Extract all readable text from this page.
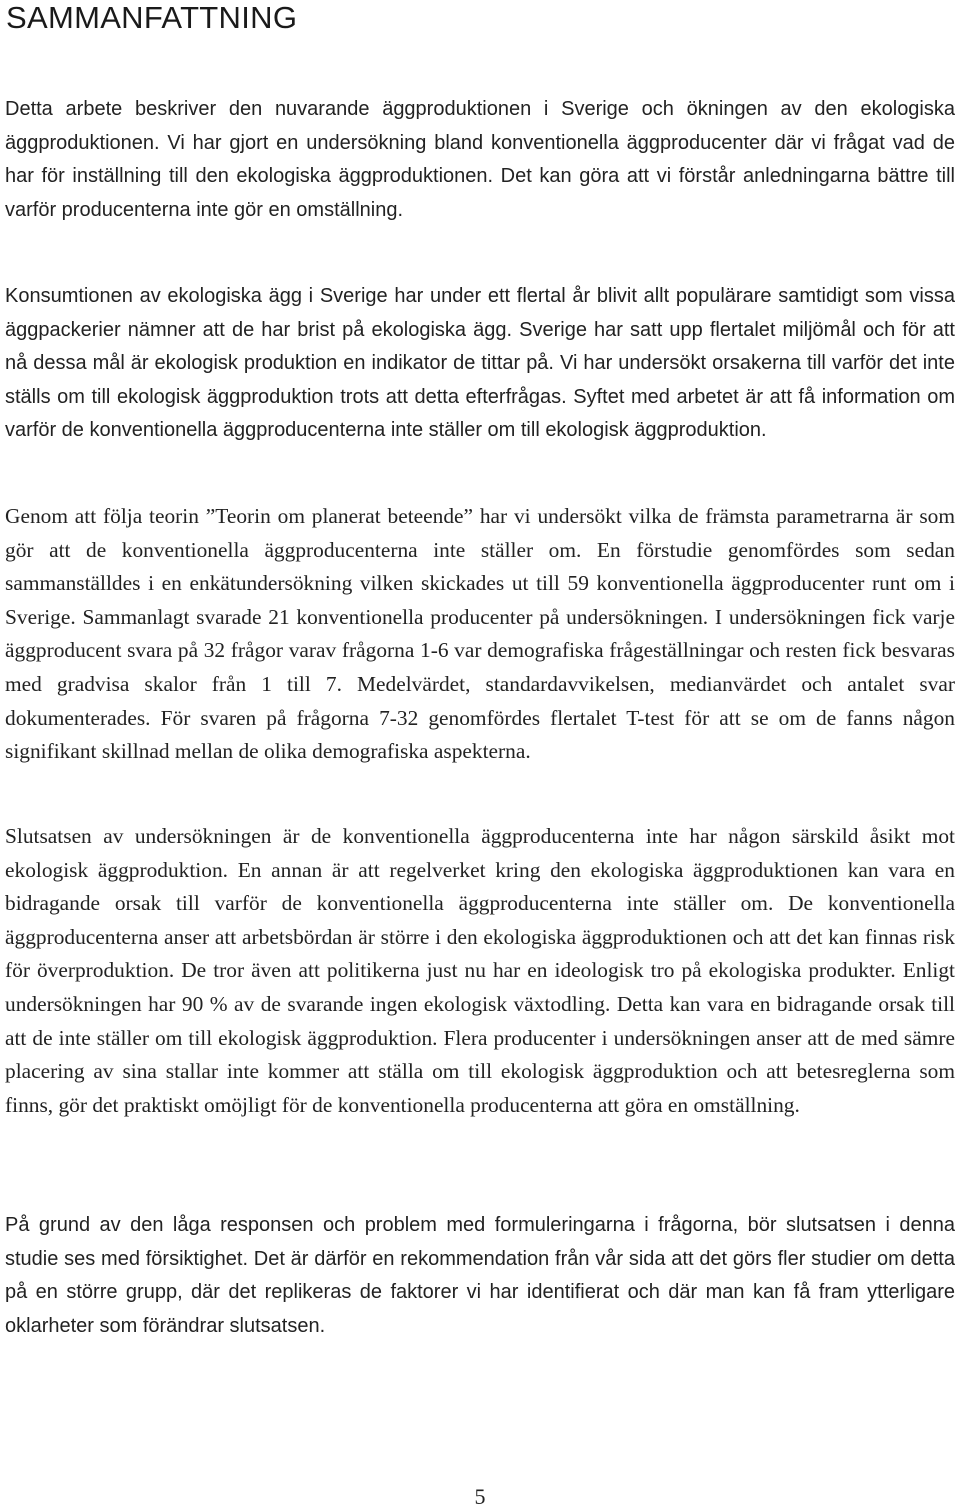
SAMMANFATTNING

Detta arbete beskriver den nuvarande äggproduktionen i Sverige och ökningen av den ekologiska äggproduktionen. Vi har gjort en undersökning bland konventionella äggproducenter där vi frågat vad de har för inställning till den ekologiska äggproduktionen. Det kan göra att vi förstår anledningarna bättre till varför producenterna inte gör en omställning.

Konsumtionen av ekologiska ägg i Sverige har under ett flertal år blivit allt populärare samtidigt som vissa äggpackerier nämner att de har brist på ekologiska ägg. Sverige har satt upp flertalet miljömål och för att nå dessa mål är ekologisk produktion en indikator de tittar på. Vi har undersökt orsakerna till varför det inte ställs om till ekologisk äggproduktion trots att detta efterfrågas. Syftet med arbetet är att få information om varför de konventionella äggproducenterna inte ställer om till ekologisk äggproduktion.

Genom att följa teorin ”Teorin om planerat beteende” har vi undersökt vilka de främsta parametrarna är som gör att de konventionella äggproducenterna inte ställer om. En förstudie genomfördes som sedan sammanställdes i en enkätundersökning vilken skickades ut till 59 konventionella äggproducenter runt om i Sverige. Sammanlagt svarade 21 konventionella producenter på undersökningen. I undersökningen fick varje äggproducent svara på 32 frågor varav frågorna 1-6 var demografiska frågeställningar och resten fick besvaras med gradvisa skalor från 1 till 7. Medelvärdet, standardavvikelsen, medianvärdet och antalet svar dokumenterades. För svaren på frågorna 7-32 genomfördes flertalet T-test för att se om de fanns någon signifikant skillnad mellan de olika demografiska aspekterna.

Slutsatsen av undersökningen är de konventionella äggproducenterna inte har någon särskild åsikt mot ekologisk äggproduktion. En annan är att regelverket kring den ekologiska äggproduktionen kan vara en bidragande orsak till varför de konventionella äggproducenterna inte ställer om. De konventionella äggproducenterna anser att arbetsbördan är större i den ekologiska äggproduktionen och att det kan finnas risk för överproduktion. De tror även att politikerna just nu har en ideologisk tro på ekologiska produkter. Enligt undersökningen har 90 % av de svarande ingen ekologisk växtodling. Detta kan vara en bidragande orsak till att de inte ställer om till ekologisk äggproduktion. Flera producenter i undersökningen anser att de med sämre placering av sina stallar inte kommer att ställa om till ekologisk äggproduktion och att betesreglerna som finns, gör det praktiskt omöjligt för de konventionella producenterna att göra en omställning.

På grund av den låga responsen och problem med formuleringarna i frågorna, bör slutsatsen i denna studie ses med försiktighet. Det är därför en rekommendation från vår sida att det görs fler studier om detta på en större grupp, där det replikeras de faktorer vi har identifierat och där man kan få fram ytterligare oklarheter som förändrar slutsatsen.

5
